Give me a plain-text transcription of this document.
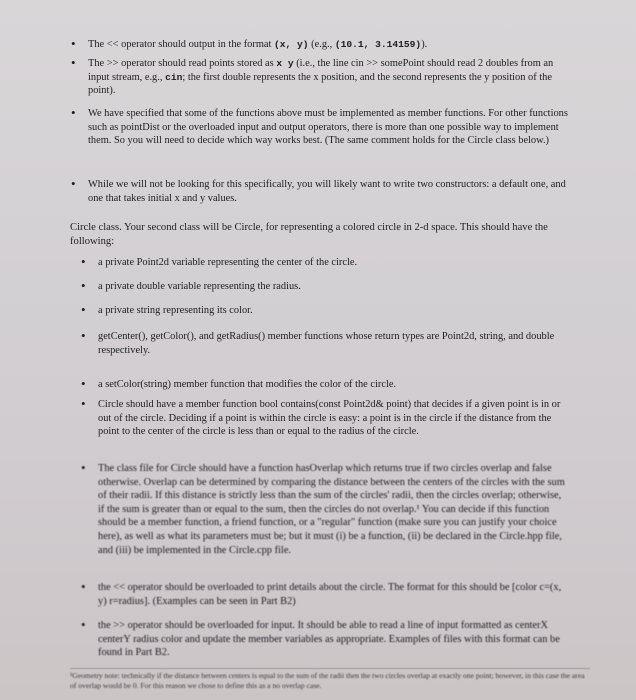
• The << operator should output in the format (x, y) (e.g., (10.1, 3.14159)).
• The >> operator should read points stored as x y (i.e., the line cin >> somePoint should read 2 doubles from an input stream, e.g., cin; the first double represents the x position, and the second represents the y position of the point).
• We have specified that some of the functions above must be implemented as member functions. For other functions such as pointDist or the overloaded input and output operators, there is more than one possible way to implement them. So you will need to decide which way works best. (The same comment holds for the Circle class below.)
• While we will not be looking for this specifically, you will likely want to write two constructors: a default one, and one that takes initial x and y values.
Circle class. Your second class will be Circle, for representing a colored circle in 2-d space. This should have the following:
• a private Point2d variable representing the center of the circle.
• a private double variable representing the radius.
• a private string representing its color.
• getCenter(), getColor(), and getRadius() member functions whose return types are Point2d, string, and double respectively.
• a setColor(string) member function that modifies the color of the circle.
• Circle should have a member function bool contains(const Point2d& point) that decides if a given point is in or out of the circle. Deciding if a point is within the circle is easy: a point is in the circle if the distance from the point to the center of the circle is less than or equal to the radius of the circle.
• The class file for Circle should have a function hasOverlap which returns true if two circles overlap and false otherwise. Overlap can be determined by comparing the distance between the centers of the circles with the sum of their radii. If this distance is strictly less than the sum of the circles' radii, then the circles overlap; otherwise, if the sum is greater than or equal to the sum, then the circles do not overlap.¹ You can decide if this function should be a member function, a friend function, or a "regular" function (make sure you can justify your choice here), as well as what its parameters must be; but it must (i) be a function, (ii) be declared in the Circle.hpp file, and (iii) be implemented in the Circle.cpp file.
• the << operator should be overloaded to print details about the circle. The format for this should be [color c=(x, y) r=radius]. (Examples can be seen in Part B2)
• the >> operator should be overloaded for input. It should be able to read a line of input formatted as centerX centerY radius color and update the member variables as appropriate. Examples of files with this format can be found in Part B2.
¹Geometry note: technically if the distance between centers is equal to the sum of the radii then the two circles overlap at exactly one point; however, in this case the area of overlap would be 0. For this reason we chose to define this as a no overlap case.
